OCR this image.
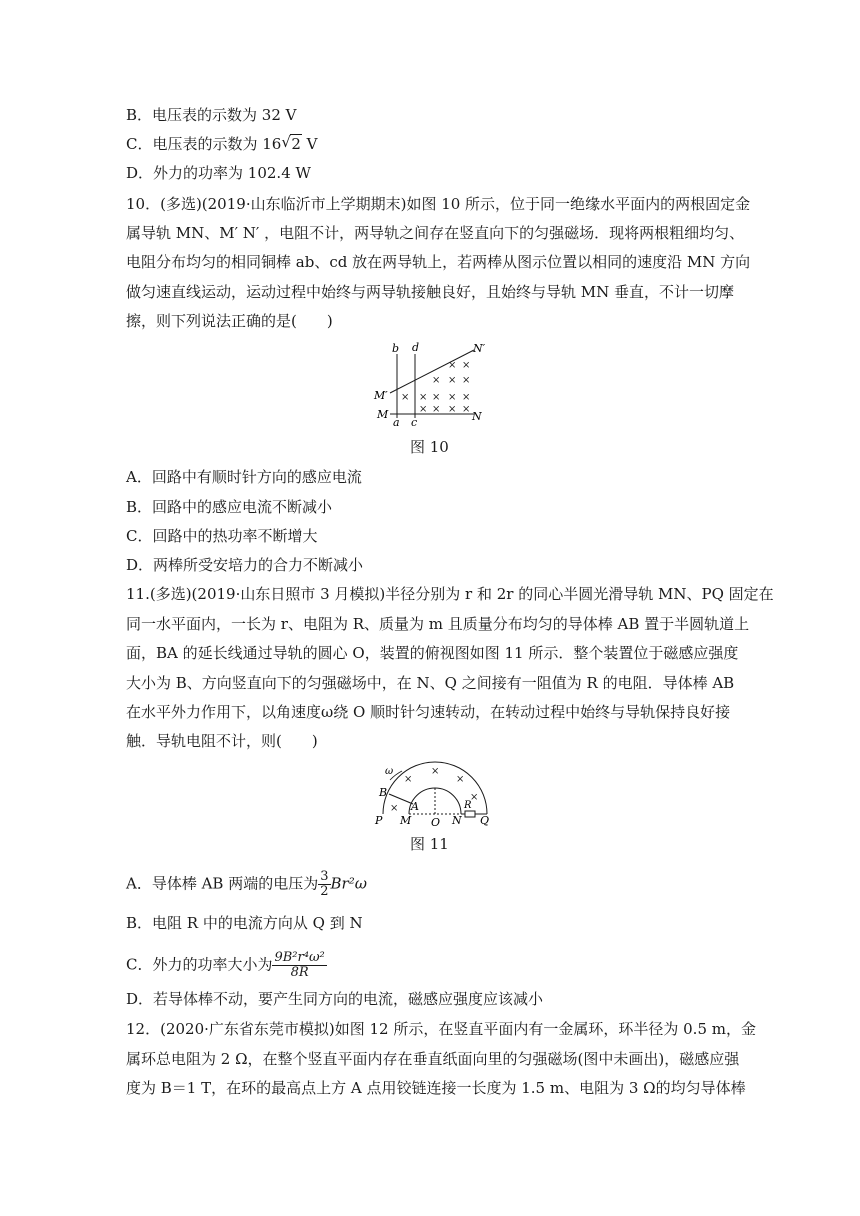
B．电压表的示数为 32 V
C．电压表的示数为 16 √ 2 V
D．外力的功率为 102.4 W
10．(多选)(2019·山东临沂市上学期期末)如图 10 所示，位于同一绝缘水平面内的两根固定金
属导轨 MN、M′ N′ ，电阻不计，两导轨之间存在竖直向下的匀强磁场．现将两根粗细均匀、
电阻分布均匀的相同铜棒 ab、cd 放在两导轨上，若两棒从图示位置以相同的速度沿 MN 方向
做匀速直线运动，运动过程中始终与两导轨接触良好，且始终与导轨 MN 垂直，不计一切摩
擦，则下列说法正确的是(　　)
b d	N′
M′
M	N
a c
× ×
× × ×
× × × × ×
× × × ×
图 10
A．回路中有顺时针方向的感应电流
B．回路中的感应电流不断减小
C．回路中的热功率不断增大
D．两棒所受安培力的合力不断减小
11.(多选)(2019·山东日照市 3 月模拟)半径分别为 r 和 2r 的同心半圆光滑导轨 MN、PQ 固定在
同一水平面内，一长为 r、电阻为 R、质量为 m 且质量分布均匀的导体棒 AB 置于半圆轨道上
面，BA 的延长线通过导轨的圆心 O，装置的俯视图如图 11 所示．整个装置位于磁感应强度
大小为 B、方向竖直向下的匀强磁场中，在 N、Q 之间接有一阻值为 R 的电阻．导体棒 AB
在水平外力作用下，以角速度ω绕 O 顺时针匀速转动，在转动过程中始终与导轨保持良好接
触．导轨电阻不计，则(　　)
ω
B
A
P M O N Q
R
×
×
×
×
×
图 11
A．导体棒 AB 两端的电压为 $\frac{3}{2} Br^2\omega$
B．电阻 R 中的电流方向从 Q 到 N
C．外力的功率大小为 $\frac{\text{9B²r⁴ω²}}{8R}$
D．若导体棒不动，要产生同方向的电流，磁感应强度应该减小
12．(2020·广东省东莞市模拟)如图 12 所示，在竖直平面内有一金属环，环半径为 0.5 m，金
属环总电阻为 2 Ω，在整个竖直平面内存在垂直纸面向里的匀强磁场(图中未画出)，磁感应强
度为 B＝1 T，在环的最高点上方 A 点用铰链连接一长度为 1.5 m、电阻为 3 Ω的均匀导体棒
